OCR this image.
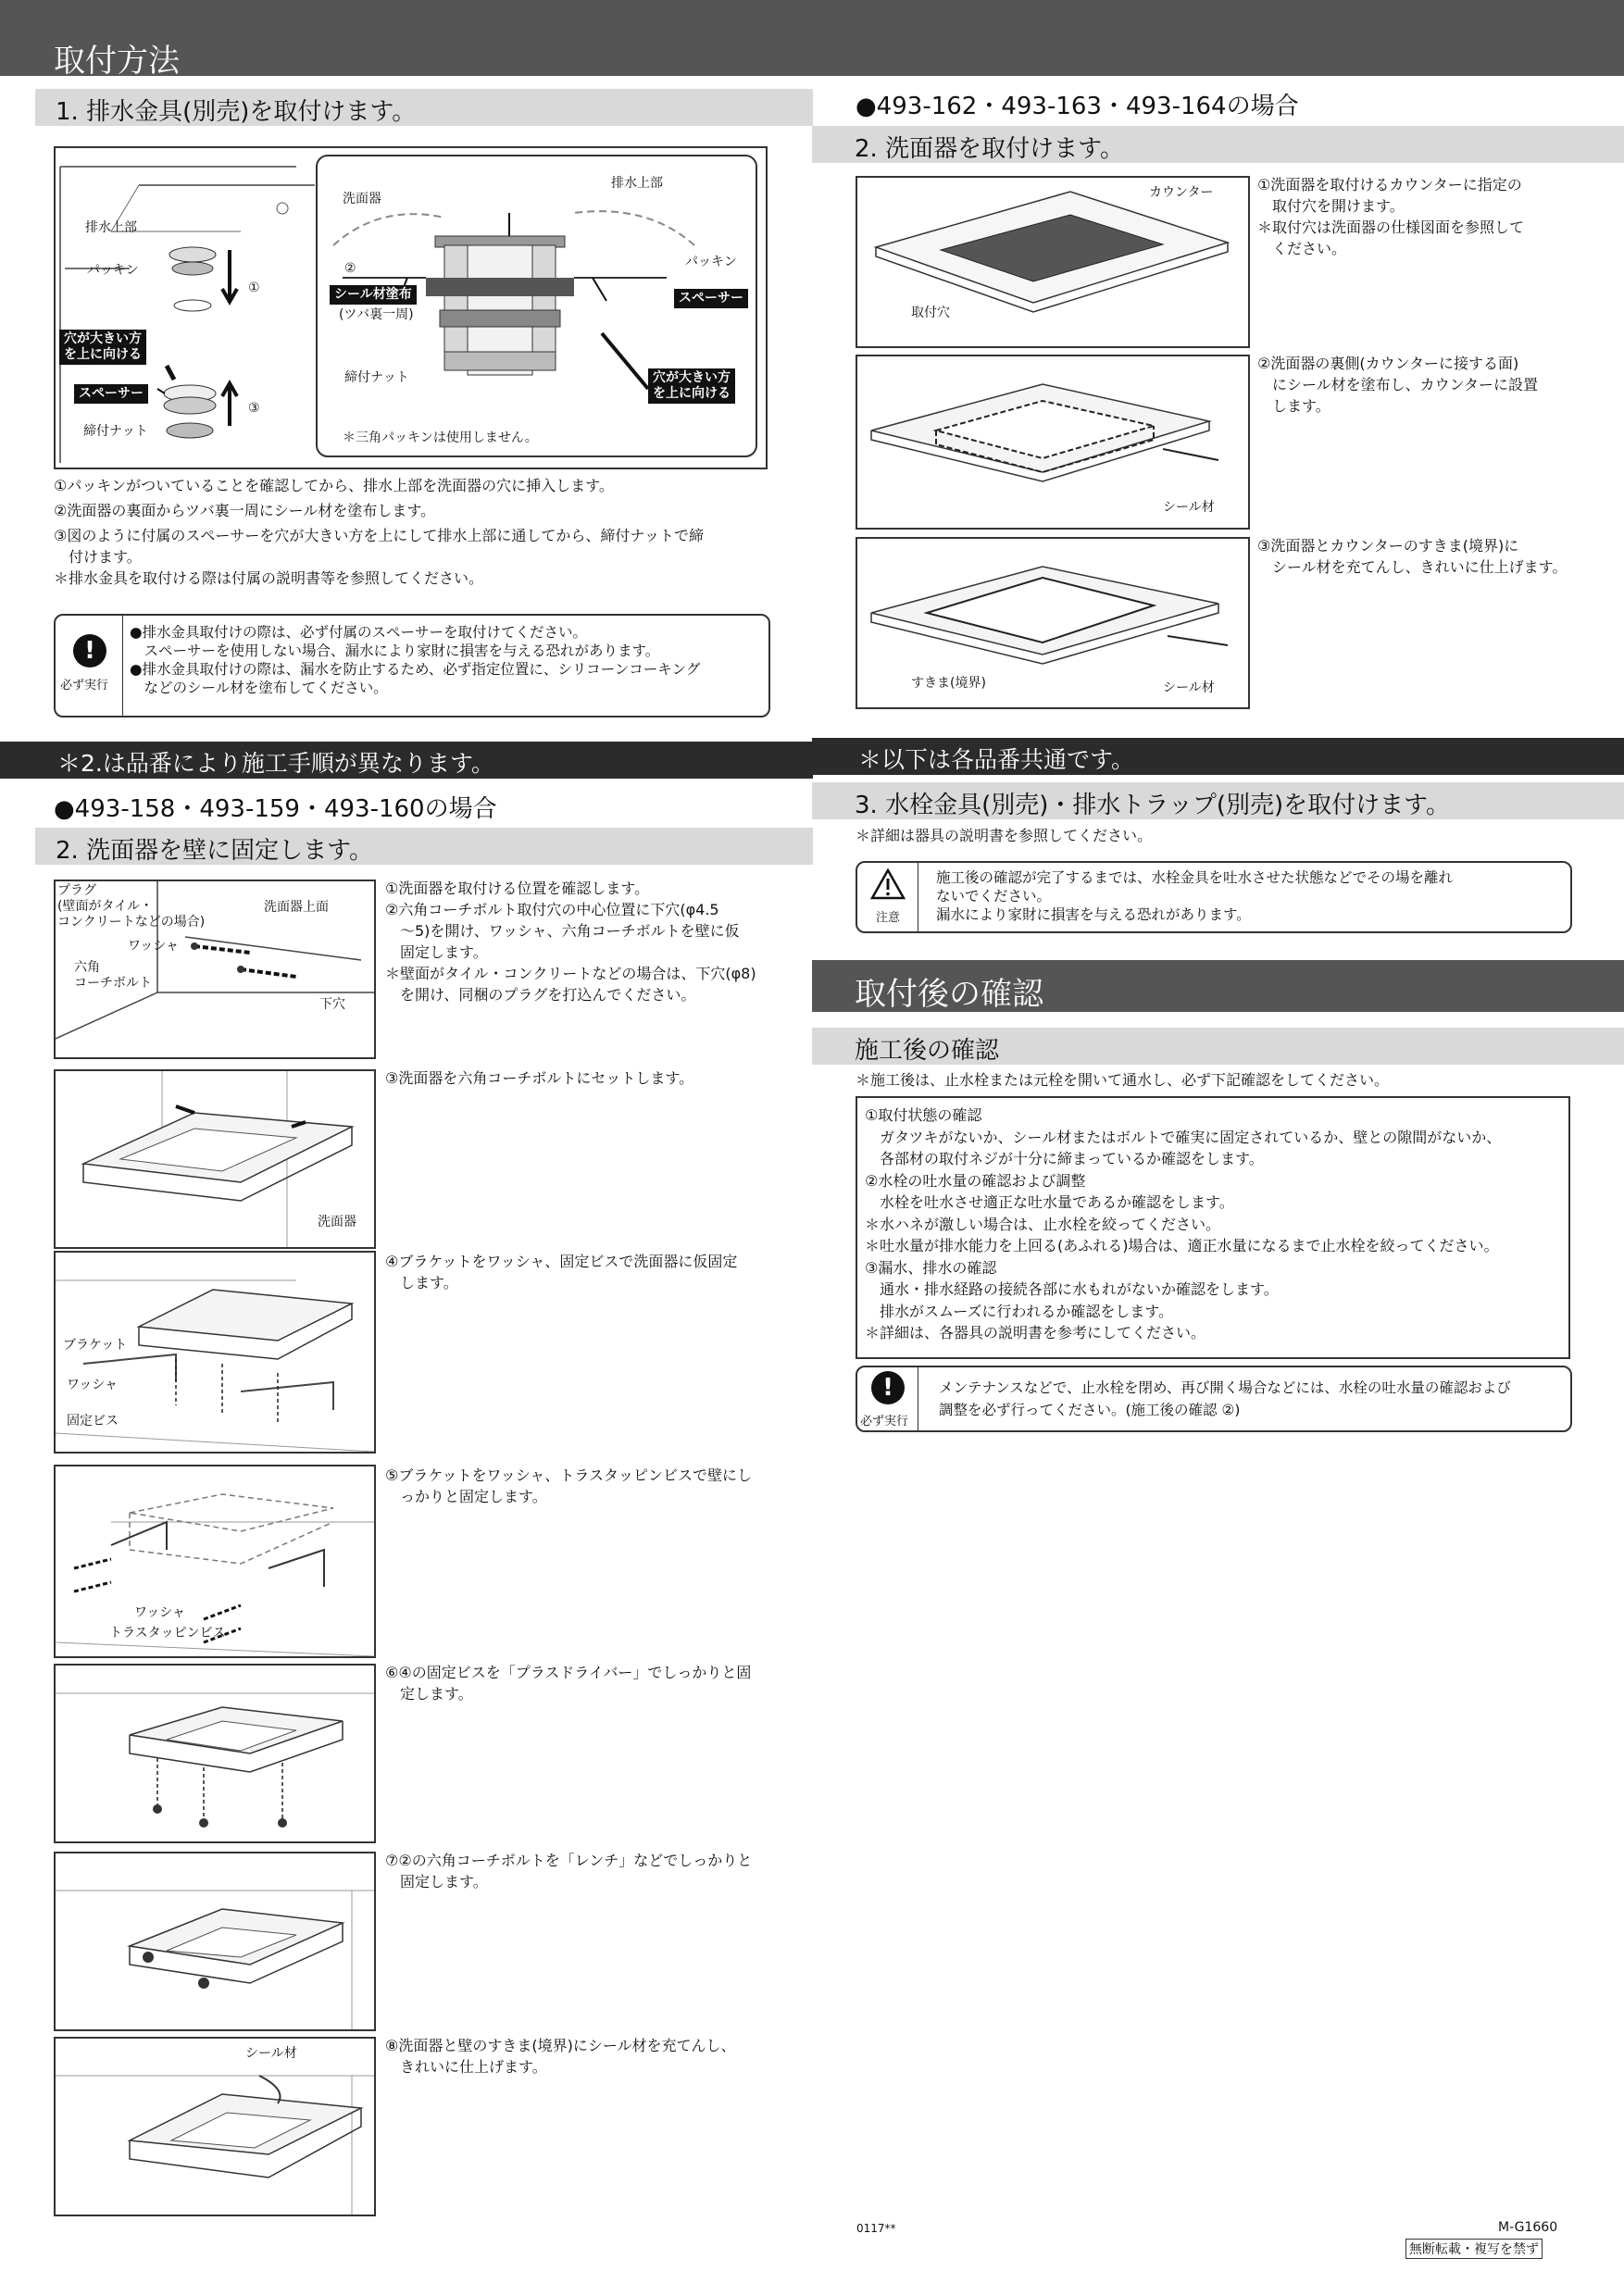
取付方法
1. 排水金具(別売)を取付けます。
排水上部
パッキン
①
穴が大きい方
を上に向ける
スペーサー
締付ナット
③
洗面器
排水上部
②
シール材塗布
(ツバ裏一周)
パッキン
スペーサー
締付ナット	穴が大きい方
を上に向ける
＊三角パッキンは使用しません。
①パッキンがついていることを確認してから、排水上部を洗面器の穴に挿入します。
②洗面器の裏面からツバ裏一周にシール材を塗布します。
③図のように付属のスペーサーを穴が大きい方を上にして排水上部に通してから、締付ナットで締
　付けます。
＊排水金具を取付ける際は付属の説明書等を参照してください。
!
必ず実行
●排水金具取付けの際は、必ず付属のスペーサーを取付けてください。
　スペーサーを使用しない場合、漏水により家財に損害を与える恐れがあります。
●排水金具取付けの際は、漏水を防止するため、必ず指定位置に、シリコーンコーキング
　などのシール材を塗布してください。
＊2.は品番により施工手順が異なります。
●493-158・493-159・493-160の場合
2. 洗面器を壁に固定します。
プラグ
(壁面がタイル・
コンクリートなどの場合)
ワッシャ
六角
コーチボルト
洗面器上面
下穴
①洗面器を取付ける位置を確認します。
②六角コーチボルト取付穴の中心位置に下穴(φ4.5
　～5)を開け、ワッシャ、六角コーチボルトを壁に仮
　固定します。
＊壁面がタイル・コンクリートなどの場合は、下穴(φ8)
　を開け、同梱のプラグを打込んでください。
洗面器
③洗面器を六角コーチボルトにセットします。
ブラケット
ワッシャ
固定ビス
④ブラケットをワッシャ、固定ビスで洗面器に仮固定
　します。
ワッシャ
トラスタッピンビス
⑤ブラケットをワッシャ、トラスタッピンビスで壁にし
　っかりと固定します。
⑥④の固定ビスを「プラスドライバー」でしっかりと固
　定します。
⑦②の六角コーチボルトを「レンチ」などでしっかりと
　固定します。
シール材	⑧洗面器と壁のすきま(境界)にシール材を充てんし、
　きれいに仕上げます。
●493-162・493-163・493-164の場合
2. 洗面器を取付けます。
カウンター
取付穴
①洗面器を取付けるカウンターに指定の
　取付穴を開けます。
＊取付穴は洗面器の仕様図面を参照して
　ください。
シール材
②洗面器の裏側(カウンターに接する面)
　にシール材を塗布し、カウンターに設置
　します。
すきま(境界)	シール材
③洗面器とカウンターのすきま(境界)に
　シール材を充てんし、きれいに仕上げます。
＊以下は各品番共通です。
3. 水栓金具(別売)・排水トラップ(別売)を取付けます。
＊詳細は器具の説明書を参照してください。
注意
施工後の確認が完了するまでは、水栓金具を吐水させた状態などでその場を離れ
ないでください。
漏水により家財に損害を与える恐れがあります。
取付後の確認
施工後の確認
＊施工後は、止水栓または元栓を開いて通水し、必ず下記確認をしてください。
①取付状態の確認
　ガタツキがないか、シール材またはボルトで確実に固定されているか、壁との隙間がないか、
　各部材の取付ネジが十分に締まっているか確認をします。
②水栓の吐水量の確認および調整
　水栓を吐水させ適正な吐水量であるか確認をします。
＊水ハネが激しい場合は、止水栓を絞ってください。
＊吐水量が排水能力を上回る(あふれる)場合は、適正水量になるまで止水栓を絞ってください。
③漏水、排水の確認
　通水・排水経路の接続各部に水もれがないか確認をします。
　排水がスムーズに行われるか確認をします。
＊詳細は、各器具の説明書を参考にしてください。
!
必ず実行
メンテナンスなどで、止水栓を閉め、再び開く場合などには、水栓の吐水量の確認および
調整を必ず行ってください。(施工後の確認 ②)
0117**	M-G1660
無断転載・複写を禁ず
